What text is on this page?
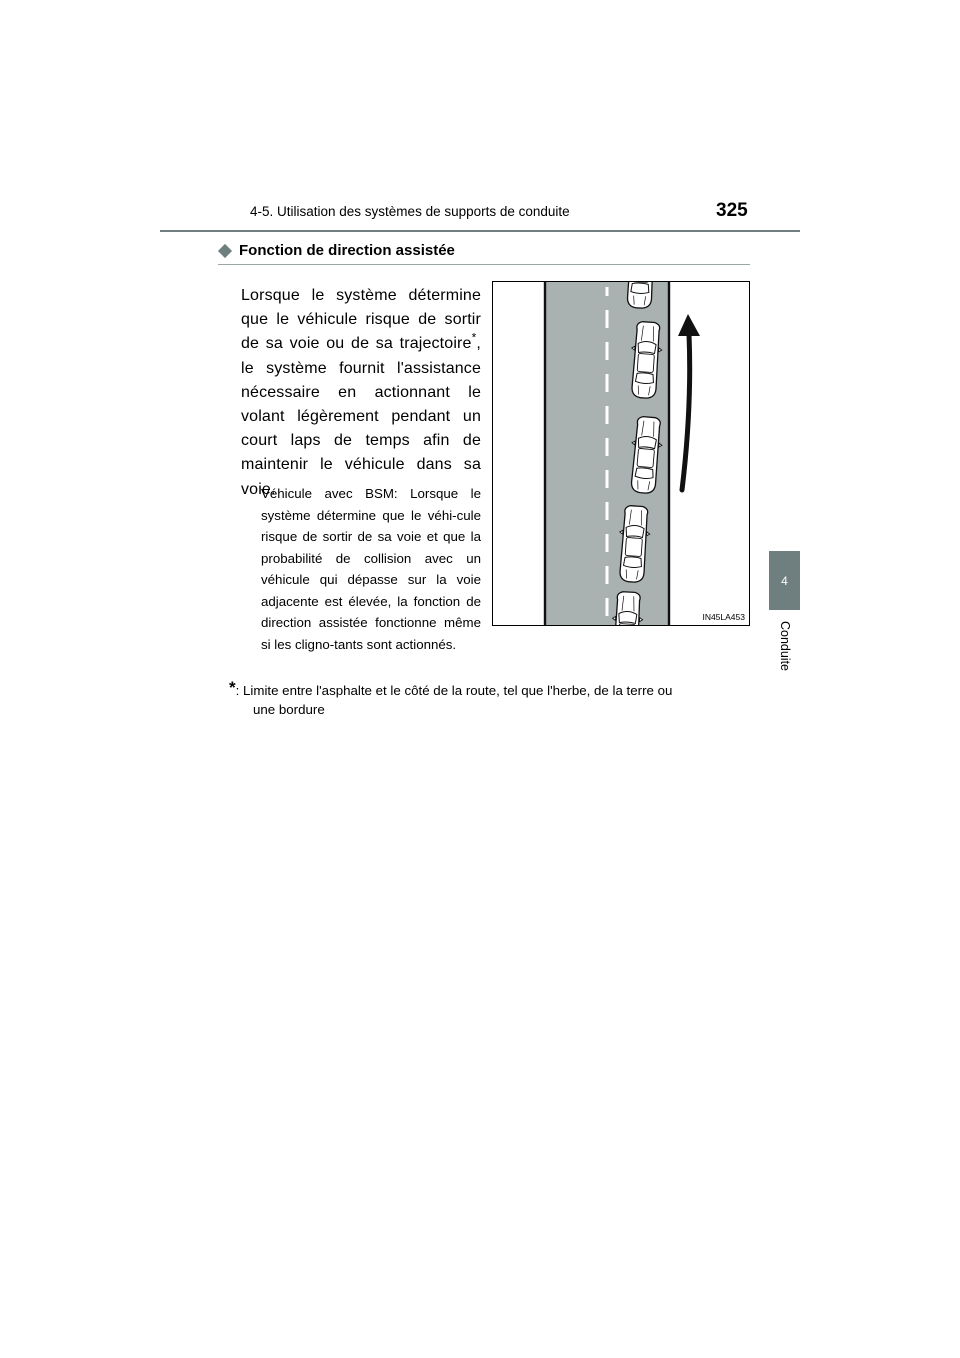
4-5. Utilisation des systèmes de supports de conduite	325
4
Conduite
Fonction de direction assistée
Lorsque le système détermine que le véhicule risque de sortir de sa voie ou de sa trajectoire*, le système fournit l'assistance nécessaire en actionnant le volant légèrement pendant un court laps de temps afin de maintenir le véhicule dans sa voie.
Véhicule avec BSM: Lorsque le système détermine que le véhi-cule risque de sortir de sa voie et que la probabilité de collision avec un véhicule qui dépasse sur la voie adjacente est élevée, la fonction de direction assistée fonctionne même si les cligno-tants sont actionnés.
*: Limite entre l'asphalte et le côté de la route, tel que l'herbe, de la terre ou
une bordure
IN45LA453
